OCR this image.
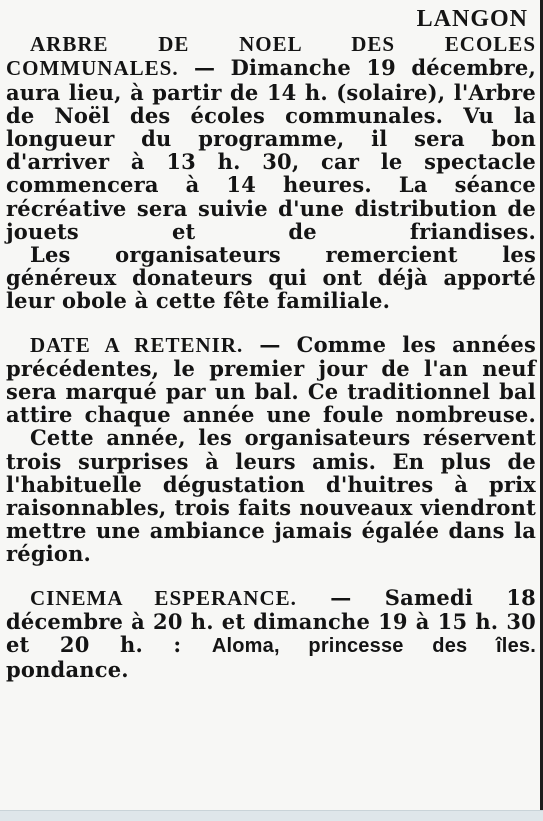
LANGON

ARBRE DE NOEL DES ECOLES COMMUNALES. — Dimanche 19 décembre, aura lieu, à partir de 14 h. (solaire), l'Arbre de Noël des écoles communales. Vu la longueur du programme, il sera bon d'arriver à 13 h. 30, car le spectacle commencera à 14 heures. La séance récréative sera suivie d'une distribution de jouets et de friandises.

Les organisateurs remercient les généreux donateurs qui ont déjà apporté leur obole à cette fête familiale.

DATE A RETENIR. — Comme les années précédentes, le premier jour de l'an neuf sera marqué par un bal. Ce traditionnel bal attire chaque année une foule nombreuse.

Cette année, les organisateurs réservent trois surprises à leurs amis. En plus de l'habituelle dégustation d'huitres à prix raisonnables, trois faits nouveaux viendront mettre une ambiance jamais égalée dans la région.

CINEMA ESPERANCE. — Samedi 18 décembre à 20 h. et dimanche 19 à 15 h. 30 et 20 h. : Aloma, princesse des îles.

pondance.
